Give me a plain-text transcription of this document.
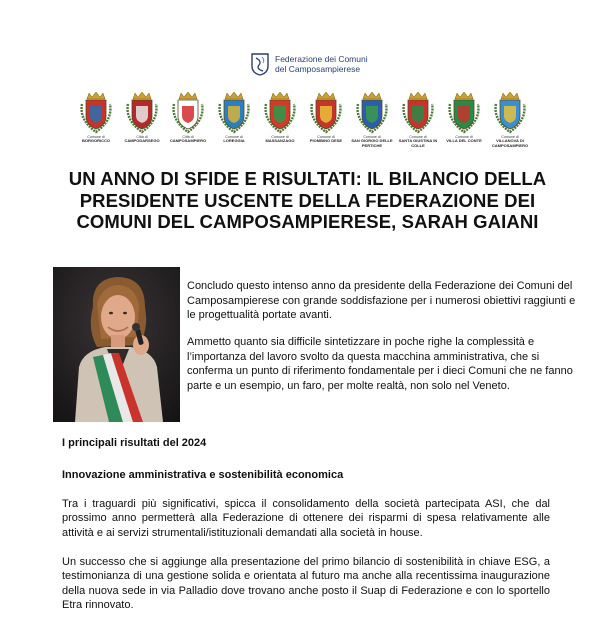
Federazione dei Comuni
del Camposampierese
Comune di
BORGORICCO
Città di
CAMPODARSEGO
Città di
CAMPOSAMPIERO
Comune di
LOREGGIA
Comune di
MASSANZAGO
Comune di
PIOMBINO DESE
Comune di
SAN GIORGIO DELLE PERTICHE
Comune di
SANTA GIUSTINA IN COLLE
Comune di
VILLA DEL CONTE
Comune di
VILLANOVA DI CAMPOSAMPIERO
UN ANNO DI SFIDE E RISULTATI: IL BILANCIO DELLA PRESIDENTE USCENTE DELLA FEDERAZIONE DEI COMUNI DEL CAMPOSAMPIERESE, SARAH GAIANI

Concludo questo intenso anno da presidente della Federazione dei Comuni del Camposampierese con grande soddisfazione per i numerosi obiettivi raggiunti e le progettualità portate avanti.

Ammetto quanto sia difficile sintetizzare in poche righe la complessità e l’importanza del lavoro svolto da questa macchina amministrativa, che si conferma un punto di riferimento fondamentale per i dieci Comuni che ne fanno parte e un esempio, un faro, per molte realtà, non solo nel Veneto.

I principali risultati del 2024

Innovazione amministrativa e sostenibilità economica

Tra i traguardi più significativi, spicca il consolidamento della società partecipata ASI, che dal prossimo anno permetterà alla Federazione di ottenere dei risparmi di spesa relativamente alle attività e ai servizi strumentali/istituzionali demandati alla società in house.

Un successo che si aggiunge alla presentazione del primo bilancio di sostenibilità in chiave ESG, a testimonianza di una gestione solida e orientata al futuro ma anche alla recentissima inaugurazione della nuova sede in via Palladio dove trovano anche posto il Suap di Federazione e con lo sportello Etra rinnovato.
